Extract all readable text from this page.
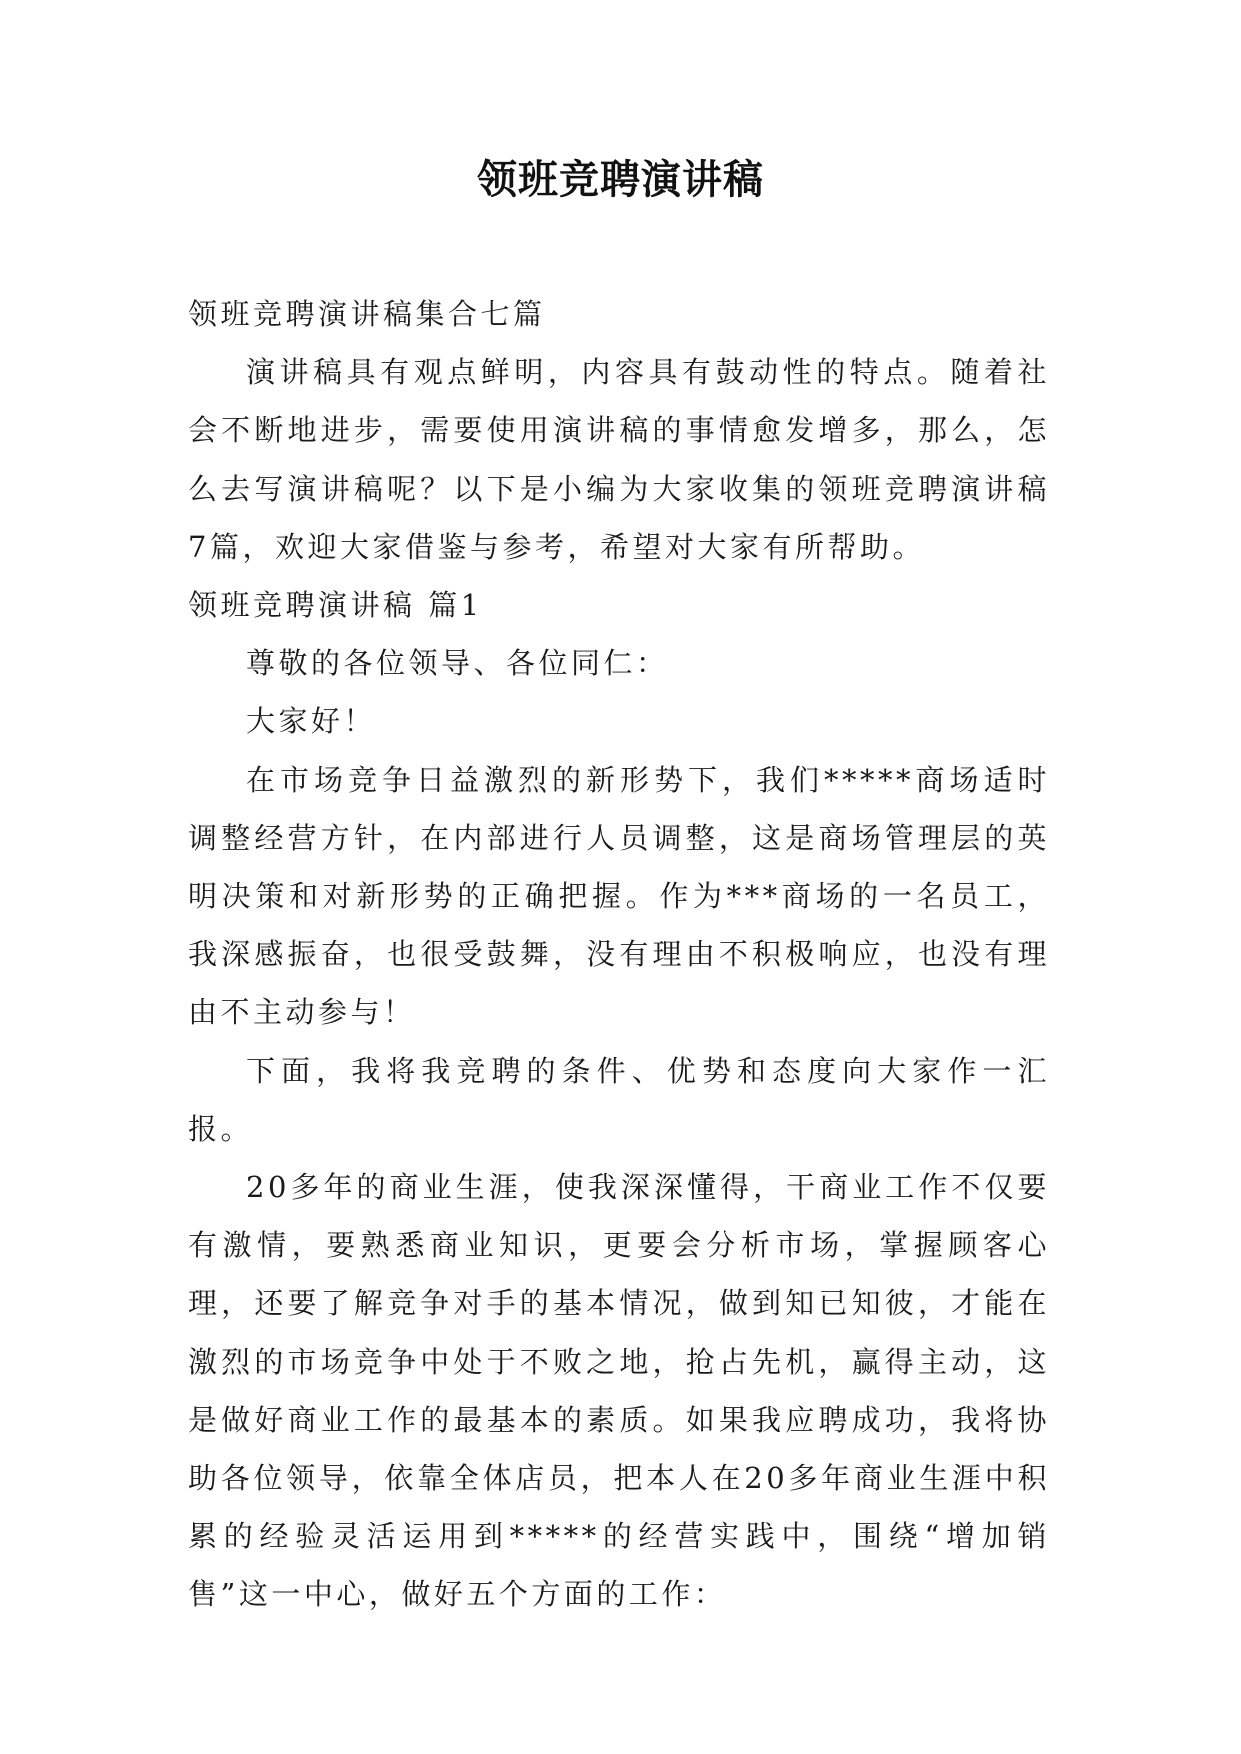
领班竞聘演讲稿

领班竞聘演讲稿集合七篇

演讲稿具有观点鲜明，内容具有鼓动性的特点。随着社会不断地进步，需要使用演讲稿的事情愈发增多，那么，怎么去写演讲稿呢？以下是小编为大家收集的领班竞聘演讲稿7篇，欢迎大家借鉴与参考，希望对大家有所帮助。

领班竞聘演讲稿 篇1

尊敬的各位领导、各位同仁：

大家好！

在市场竞争日益激烈的新形势下，我们*****商场适时调整经营方针，在内部进行人员调整，这是商场管理层的英明决策和对新形势的正确把握。作为***商场的一名员工，我深感振奋，也很受鼓舞，没有理由不积极响应，也没有理由不主动参与！

下面，我将我竞聘的条件、优势和态度向大家作一汇报。

20多年的商业生涯，使我深深懂得，干商业工作不仅要有激情，要熟悉商业知识，更要会分析市场，掌握顾客心理，还要了解竞争对手的基本情况，做到知已知彼，才能在激烈的市场竞争中处于不败之地，抢占先机，赢得主动，这是做好商业工作的最基本的素质。如果我应聘成功，我将协助各位领导，依靠全体店员，把本人在20多年商业生涯中积累的经验灵活运用到*****的经营实践中，围绕“增加销售”这一中心，做好五个方面的工作：
